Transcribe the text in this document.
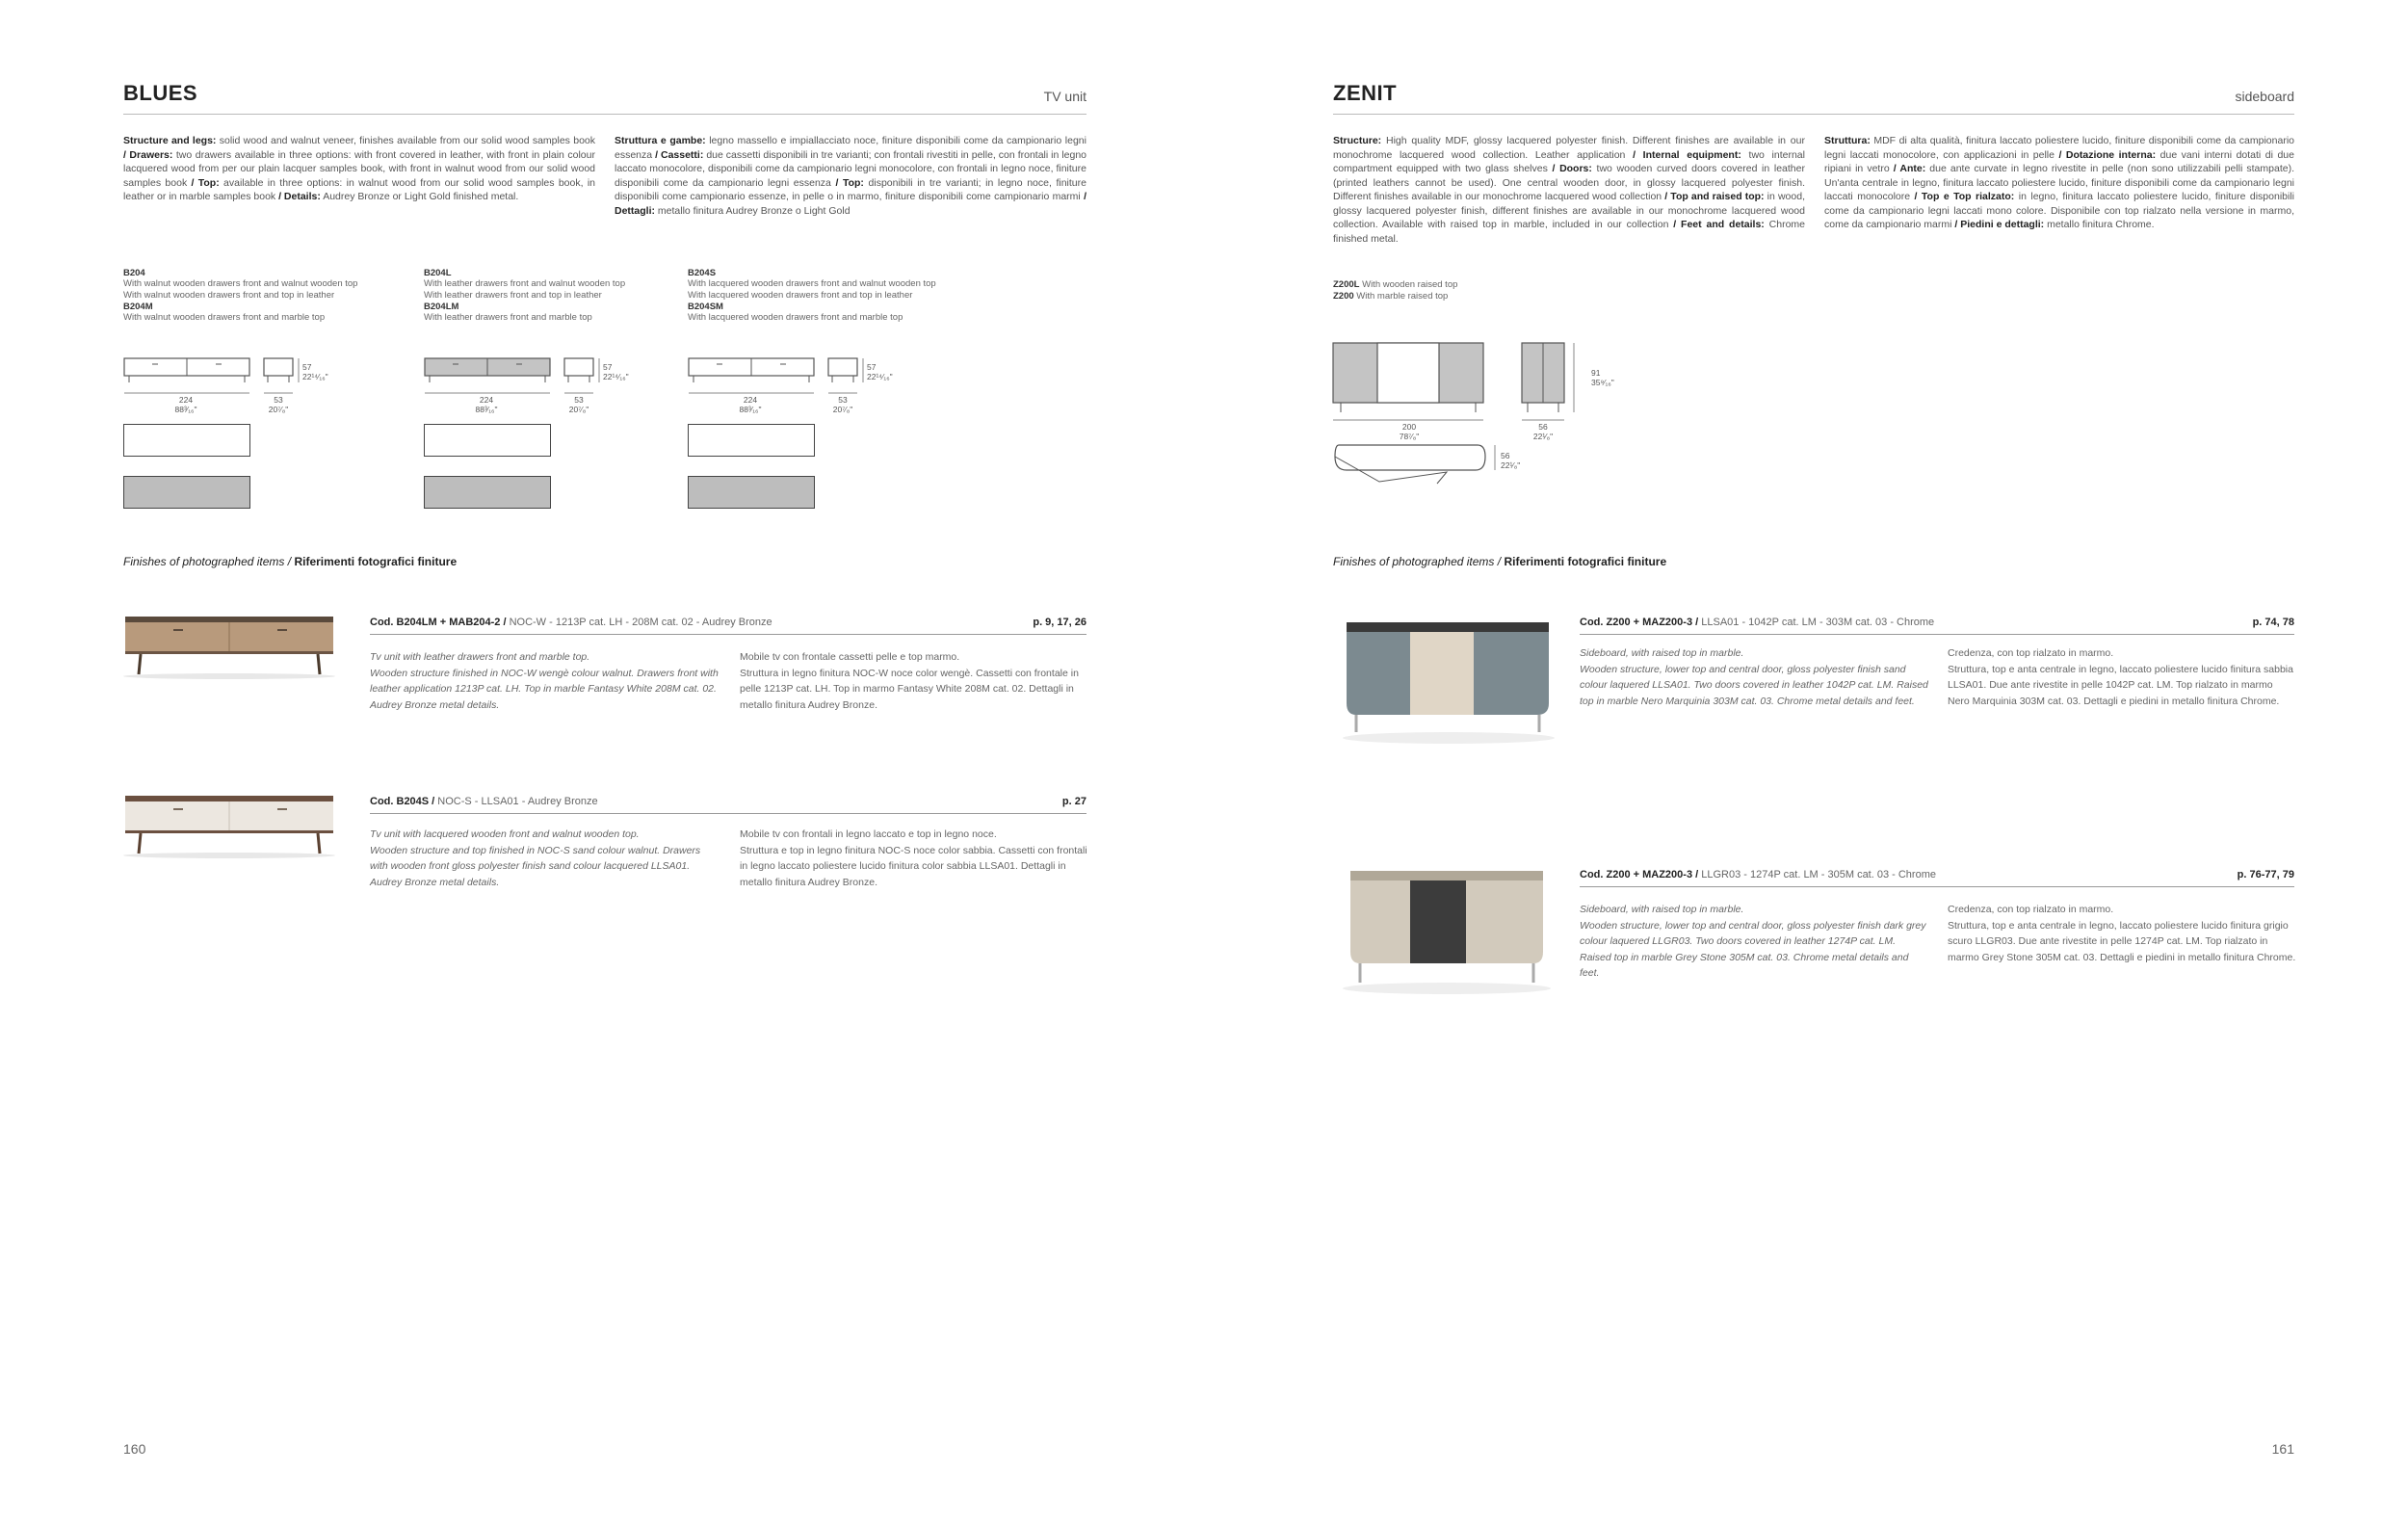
BLUES	TV unit
Structure and legs: solid wood and walnut veneer, finishes available from our solid wood samples book / Drawers: two drawers available in three options: with front covered in leather, with front in plain colour lacquered wood from per our plain lacquer samples book, with front in walnut wood from our solid wood samples book / Top: available in three options: in walnut wood from our solid wood samples book, in leather or in marble samples book / Details: Audrey Bronze or Light Gold finished metal.
Struttura e gambe: legno massello e impiallacciato noce, finiture disponibili come da campionario legni essenza / Cassetti: due cassetti disponibili in tre varianti; con frontali rivestiti in pelle, con frontali in legno laccato monocolore, disponibili come da campionario legni monocolore, con frontali in legno noce, finiture disponibili come da campionario legni essenza / Top: disponibili in tre varianti; in legno noce, finiture disponibili come campionario essenze, in pelle o in marmo, finiture disponibili come campionario marmi / Dettagli: metallo finitura Audrey Bronze o Light Gold
B204
With walnut wooden drawers front and walnut wooden top
With walnut wooden drawers front and top in leather
B204M
With walnut wooden drawers front and marble top
B204L
With leather drawers front and walnut wooden top
With leather drawers front and top in leather
B204LM
With leather drawers front and marble top
B204S
With lacquered wooden drawers front and walnut wooden top
With lacquered wooden drawers front and top in leather
B204SM
With lacquered wooden drawers front and marble top
57
22¹⁴⁄₁₆"
224
88³⁄₁₆"
53
20⁷⁄₈"
57
22¹⁴⁄₁₆"
224
88³⁄₁₆"
53
20⁷⁄₈"
57
22¹⁴⁄₁₆"
224
88³⁄₁₆"
53
20⁷⁄₈"
Finishes of photographed items / Riferimenti fotografici finiture
Cod. B204LM + MAB204-2 / NOC-W - 1213P cat. LH - 208M cat. 02 - Audrey Bronze	p. 9, 17, 26
Tv unit with leather drawers front and marble top.
Wooden structure finished in NOC-W wengè colour walnut. Drawers front with leather application 1213P cat. LH. Top in marble Fantasy White 208M cat. 02. Audrey Bronze metal details.
Mobile tv con frontale cassetti pelle e top marmo.
Struttura in legno finitura NOC-W noce color wengè. Cassetti con frontale in pelle 1213P cat. LH. Top in marmo Fantasy White 208M cat. 02. Dettagli in metallo finitura Audrey Bronze.
Cod. B204S / NOC-S - LLSA01 - Audrey Bronze	p. 27
Tv unit with lacquered wooden front and walnut wooden top.
Wooden structure and top finished in NOC-S sand colour walnut. Drawers with wooden front gloss polyester finish sand colour lacquered LLSA01. Audrey Bronze metal details.
Mobile tv con frontali in legno laccato e top in legno noce.
Struttura e top in legno finitura NOC-S noce color sabbia. Cassetti con frontali in legno laccato poliestere lucido finitura color sabbia LLSA01. Dettagli in metallo finitura Audrey Bronze.
160
ZENIT	sideboard
Structure: High quality MDF, glossy lacquered polyester finish. Different finishes are available in our monochrome lacquered wood collection. Leather application / Internal equipment: two internal compartment equipped with two glass shelves / Doors: two wooden curved doors covered in leather (printed leathers cannot be used). One central wooden door, in glossy lacquered polyester finish. Different finishes available in our monochrome lacquered wood collection / Top and raised top: in wood, glossy lacquered polyester finish, different finishes are available in our monochrome lacquered wood collection. Available with raised top in marble, included in our collection / Feet and details: Chrome finished metal.
Struttura: MDF di alta qualità, finitura laccato poliestere lucido, finiture disponibili come da campionario legni laccati monocolore, con applicazioni in pelle / Dotazione interna: due vani interni dotati di due ripiani in vetro / Ante: due ante curvate in legno rivestite in pelle (non sono utilizzabili pelli stampate). Un'anta centrale in legno, finitura laccato poliestere lucido, finiture disponibili come da campionario legni laccati monocolore / Top e Top rialzato: in legno, finitura laccato poliestere lucido, finiture disponibili come da campionario legni laccati mono colore. Disponibile con top rialzato nella versione in marmo, come da campionario marmi / Piedini e dettagli: metallo finitura Chrome.
Z200L With wooden raised top
Z200 With marble raised top
91
35⁹⁄₁₆"
200
78⁷⁄₈"
56
22¹⁄₈"
56
22¹⁄₈"
Finishes of photographed items / Riferimenti fotografici finiture
Cod. Z200 + MAZ200-3 / LLSA01 - 1042P cat. LM - 303M cat. 03 - Chrome	p. 74, 78
Sideboard, with raised top in marble.
Wooden structure, lower top and central door, gloss polyester finish sand colour laquered LLSA01. Two doors covered in leather 1042P cat. LM. Raised top in marble Nero Marquinia 303M cat. 03. Chrome metal details and feet.
Credenza, con top rialzato in marmo.
Struttura, top e anta centrale in legno, laccato poliestere lucido finitura sabbia LLSA01. Due ante rivestite in pelle 1042P cat. LM. Top rialzato in marmo Nero Marquinia 303M cat. 03. Dettagli e piedini in metallo finitura Chrome.
Cod. Z200 + MAZ200-3 / LLGR03 - 1274P cat. LM - 305M cat. 03 - Chrome	p. 76-77, 79
Sideboard, with raised top in marble.
Wooden structure, lower top and central door, gloss polyester finish dark grey colour laquered LLGR03. Two doors covered in leather 1274P cat. LM. Raised top in marble Grey Stone 305M cat. 03. Chrome metal details and feet.
Credenza, con top rialzato in marmo.
Struttura, top e anta centrale in legno, laccato poliestere lucido finitura grigio scuro LLGR03. Due ante rivestite in pelle 1274P cat. LM. Top rialzato in marmo Grey Stone 305M cat. 03. Dettagli e piedini in metallo finitura Chrome.
161
